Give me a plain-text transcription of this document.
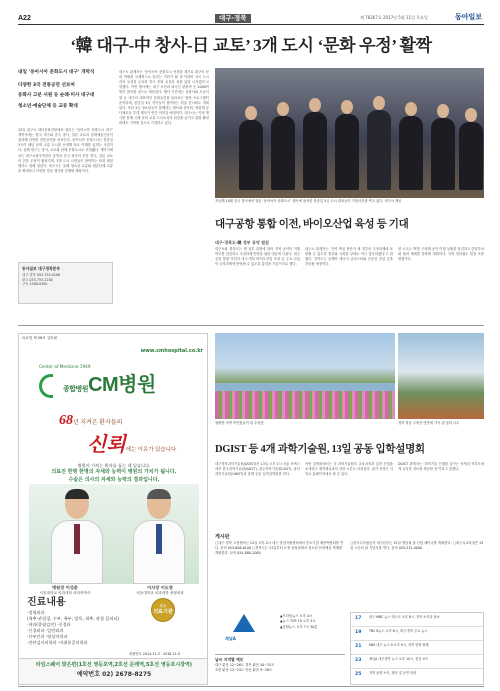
A22	대구·경북	제 78267호 2017년 5월 11일 목요일	동아일보
‘韓 대구-中 창사-日 교토’ 3개 도시 ‘문화 우정’ 활짝

내일 ‘동아시아 문화도시 대구’ 개막식

다양한 3국 전통공연 선보여

동화사 고분 서원 등 순례·미사 대구대

청소년·예술단체 등 교류 확대

12일 대구시 대덕문화전당에서 열리는 ‘동아시아 문화도시 대구’ 개막식에는 한국 대구와 중국 창사, 일본 교토의 문화예술인들이 참석해 다양한 전통공연을 선보인다. 동아시아 문화도시는 한중일 3국이 매년 문화 교류 도시를 선정해 상호 이해를 넓히는 사업이다. 올해 대구는 창사, 교토와 함께 문화도시로 선정됐다. 개막식에서는 대구시립국악단의 공연과 중국 창사의 전통 경극, 일본 교토의 전통 무용이 펼쳐지며, 3개 도시 시민들이 참여하는 문화 체험 행사도 함께 열린다. 대구시는 올해 청소년 교류와 예술단체 교류를 확대하고 다양한 학술 행사를 진행할 계획이다.
대구시 관계자는 ‘동아시아 문화도시 선정을 계기로 대구의 문화 역량을 국제적으로 알리는 기회가 될 것’이라며 ‘3국 도시 간의 우정을 돈독히 하고 문화 교류의 폭을 넓혀 나가겠다’고 말했다. 이번 행사에는 대구 시민과 외국인 관광객 등 2000여 명이 참석할 것으로 예상된다. 행사 기간에는 동화사와 도동서원 등 대구의 대표적인 문화유산을 둘러보는 탐방 프로그램이 운영되며, 한중일 3국 작가들이 참여하는 미술 전시회도 개최된다. 또한 3국 청소년들이 함께하는 캠프와 음악회, 영화제 등 다채로운 부대 행사가 연중 이어질 예정이다. 대구시는 이번 행사를 통해 국제 문화 교류 도시로서의 위상을 높이고 관광 활성화에도 기여할 것으로 기대하고 있다.
지난해 10월 중국 창사에서 열린 ‘동아시아 문화도시’ 행사에 참석한 한중일 3국 도시 대표들이 기념사진을 찍고 있다. 대구시 제공
동아일보 대구경북본부
대구·경북 053-755-0186
광고 053-755-2200
구독 1588-0300
대구공항 통합 이전, 바이오산업 육성 등 기대
대구·경북도-韓 정부 공약 점검
대구시와 경북도는 새 정부 출범에 따라 지역 공약의 이행 여부를 점검하고 국정과제 반영을 위한 대응에 나섰다. 대구공항 통합 이전과 대구·경북 바이오산업 육성 등 주요 사업이 국정과제에 반영될 수 있도록 총력을 기울이기로 했다.
대구시 관계자는 ‘지역 핵심 현안이 새 정부의 국정과제에 포함될 수 있도록 정부와 국회를 상대로 적극 설득하겠다’고 밝혔다. 경북도는 동해안 에너지 클러스터와 신공항 건설 등을 건의할 예정이다.
양 시도는 TF를 구성해 공약 이행 상황을 점검하고 중앙부처와 협력 체계를 강화할 계획이다. 지역 정치권도 힘을 모을 방침이다.
의료법 제 56조 심의필
www.cmhospital.co.kr
Center of Medicine 1949
종합병원CM병원
68년 지켜온 환자들의
신뢰에는 이유가 있습니다
병원의 가치는 환자를 돕는 데 있습니다.
의료진 한명 한명의 자세와 능력이 병원의 가치가 됩니다.
수술은 의사의 자세와 능력의 결과입니다.
병원장 이성춘
서울대학교 의과대학 외과학박사
이사장 이도영
서울대학교 의과대학 정형외과
진료내용
·정형외과
(척추·관절경, 수부, 족부, 발목, 척추, 관절 클리닉)
·내과(종합검진) ·신경과
·신경외과 ·일반외과
·산부인과 ·영상의학과
·진단검사의학과 ·마취통증의학과
우수
의료기관
회원번호 2014-11-5 · 2018-11-5
타임스퀘어 맞은편(1호선 영등포역,2호선 문래역,5호선 영등포시장역)
예약번호 02) 2678-8275
청량한 자색 목단꽃들이 핀 수성못	경북 청송 주왕산 연못에 가득 핀 꽃과 나무
DGIST 등 4개 과학기술원, 13일 공동 입학설명회
대구경북과학기술원(DGIST)은 13일 오후 1시 서울 코엑스에서 한국과학기술원(KAIST), 광주과학기술원(GIST), 울산과학기술원(UNIST)과 함께 공동 입학설명회를 연다.
이번 설명회에서는 각 과학기술원의 교육과정과 입학 전형을 소개하고 재학생들과의 상담 시간도 마련된다. 참가 신청은 각 학교 홈페이지에서 할 수 있다.
DGIST 관계자는 ‘과학기술 인재를 꿈꾸는 학생과 학부모에게 유익한 정보를 제공할 것’이라고 말했다.
게시판
□대구 경북 고용센터는 12일 오후 2시 대구 창업지원센터에서 중소기업 채용박람회를 연다. 문의 053-606-6100 □경북도는 11일부터 도청 동락관에서 청소년 문화예술 축제를 개최한다. 문의 054-880-2000
□한국수자원공사 대구본부는 12일 영남권 물 산업 세미나를 개최한다. □대구시교육청은 15일 스승의 날 기념식을 연다. 문의 053-231-0000
채널A
▲프라임뉴스 오후 4시
▲뉴스 TOP 10 오후 5시
▲종합뉴스 오후 7시 30분
날씨 지역별 예보
대구 맑음 12~26도 경북 맑음 10~25도
포항 맑음 13~24도 안동 맑음 9~26도
17 대구 MBC 뉴스 데스크 오후 8시, 지역 소식과 날씨
19 TBC 8뉴스 오후 8시, 대구·경북 주요 뉴스
21 KBS 대구 뉴스 9 오후 9시, 지역 현장 취재
23 채널A 대구경북 뉴스 오후 10시, 심층 보도
25 지역 문화 소식, 행사 및 공연 안내
